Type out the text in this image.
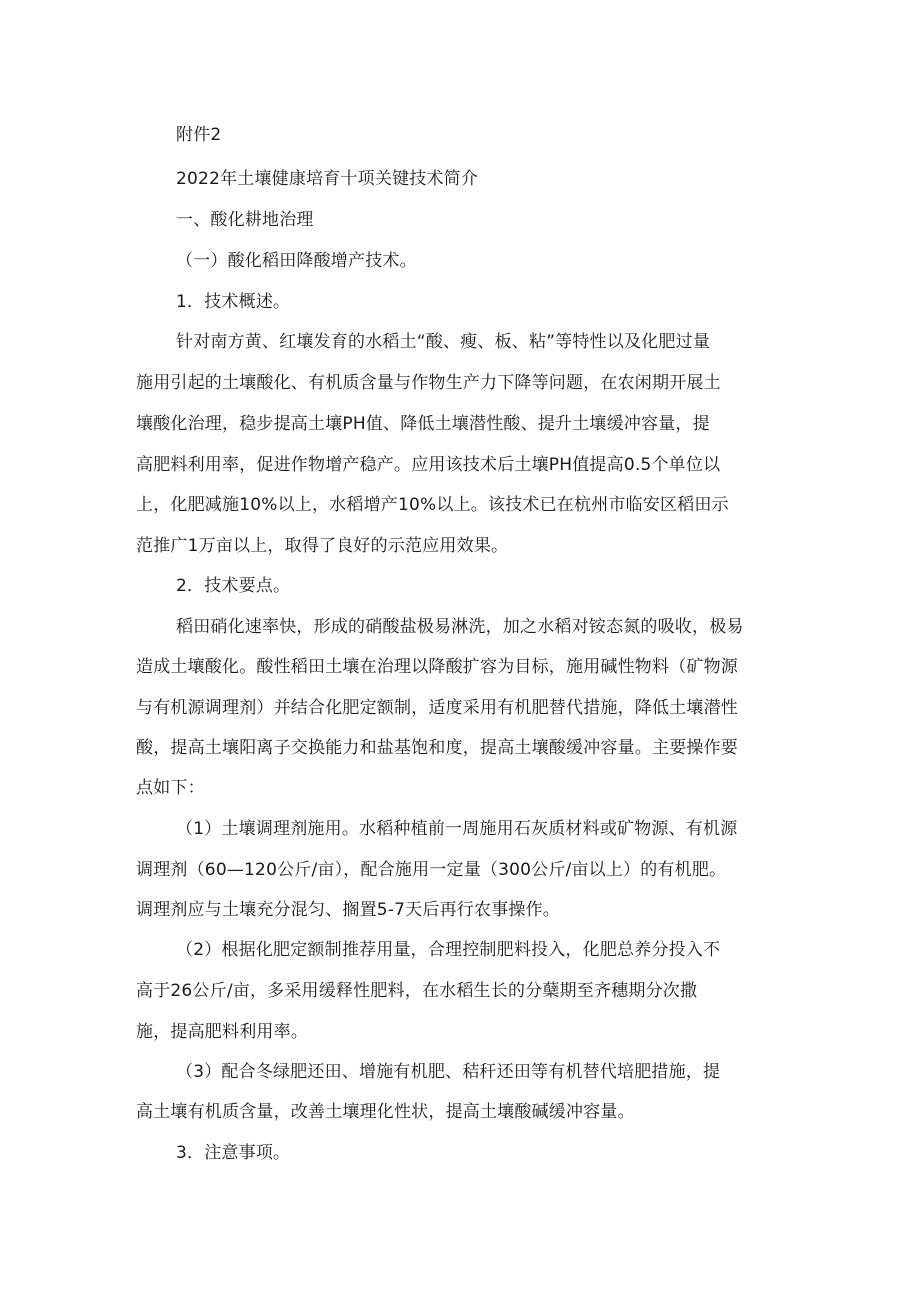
附件2

2022年土壤健康培育十项关键技术简介

一、酸化耕地治理

（一）酸化稻田降酸增产技术。

1．技术概述。

针对南方黄、红壤发育的水稻土“酸、瘦、板、粘”等特性以及化肥过量

施用引起的土壤酸化、有机质含量与作物生产力下降等问题，在农闲期开展土

壤酸化治理，稳步提高土壤PH值、降低土壤潜性酸、提升土壤缓冲容量，提

高肥料利用率，促进作物增产稳产。应用该技术后土壤PH值提高0.5个单位以

上，化肥减施10%以上，水稻增产10%以上。该技术已在杭州市临安区稻田示

范推广1万亩以上，取得了良好的示范应用效果。

2．技术要点。

稻田硝化速率快，形成的硝酸盐极易淋洗，加之水稻对铵态氮的吸收，极易

造成土壤酸化。酸性稻田土壤在治理以降酸扩容为目标，施用碱性物料（矿物源

与有机源调理剂）并结合化肥定额制，适度采用有机肥替代措施，降低土壤潜性

酸，提高土壤阳离子交换能力和盐基饱和度，提高土壤酸缓冲容量。主要操作要

点如下：

（1）土壤调理剂施用。水稻种植前一周施用石灰质材料或矿物源、有机源

调理剂（60—120公斤/亩），配合施用一定量（300公斤/亩以上）的有机肥。

调理剂应与土壤充分混匀、搁置5-7天后再行农事操作。

（2）根据化肥定额制推荐用量，合理控制肥料投入，化肥总养分投入不

高于26公斤/亩，多采用缓释性肥料，在水稻生长的分蘖期至齐穗期分次撒

施，提高肥料利用率。

（3）配合冬绿肥还田、增施有机肥、秸秆还田等有机替代培肥措施，提

高土壤有机质含量，改善土壤理化性状，提高土壤酸碱缓冲容量。

3．注意事项。
